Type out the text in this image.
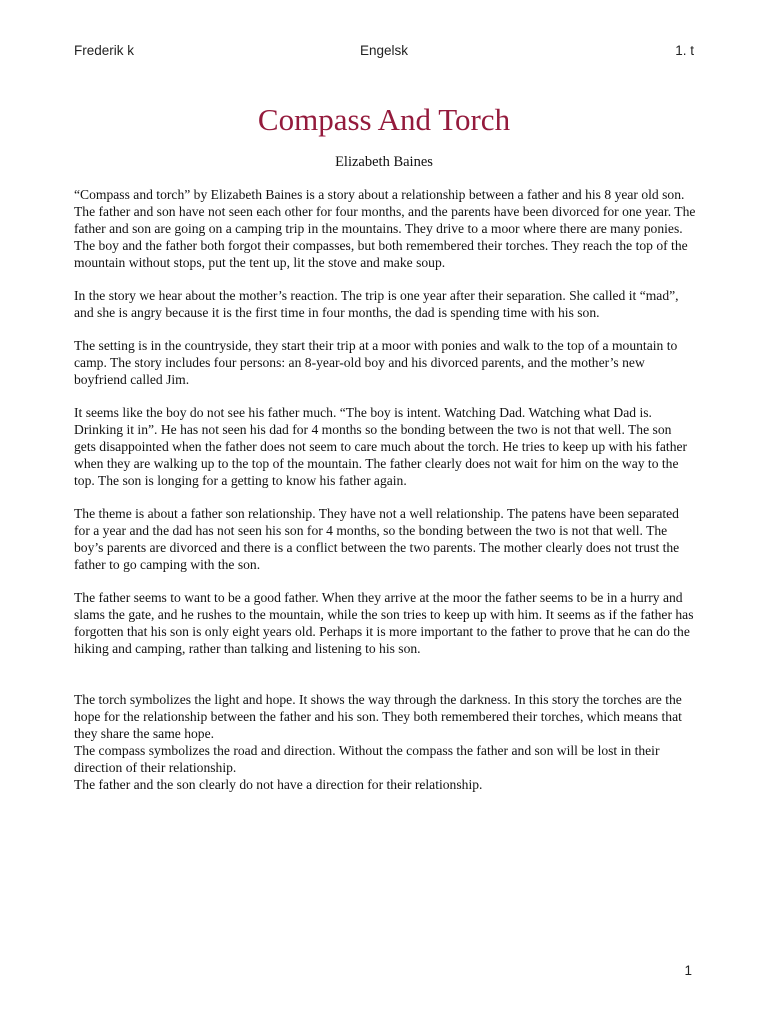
Engelsk
Frederik k	1. t
Compass And Torch
Elizabeth Baines

“Compass and torch” by Elizabeth Baines is a story about a relationship between a father and his 8 year old son. The father and son have not seen each other for four months, and the parents have been divorced for one year. The father and son are going on a camping trip in the mountains. They drive to a moor where there are many ponies. The boy and the father both forgot their compasses, but both remembered their torches. They reach the top of the mountain without stops, put the tent up, lit the stove and make soup.

In the story we hear about the mother’s reaction. The trip is one year after their separation. She called it “mad”, and she is angry because it is the first time in four months, the dad is spending time with his son.

The setting is in the countryside, they start their trip at a moor with ponies and walk to the top of a mountain to camp. The story includes four persons: an 8-year-old boy and his divorced parents, and the mother’s new boyfriend called Jim.

It seems like the boy do not see his father much. “The boy is intent. Watching Dad. Watching what Dad is. Drinking it in”. He has not seen his dad for 4 months so the bonding between the two is not that well. The son gets disappointed when the father does not seem to care much about the torch. He tries to keep up with his father when they are walking up to the top of the mountain. The father clearly does not wait for him on the way to the top. The son is longing for a getting to know his father again.

The theme is about a father son relationship. They have not a well relationship. The patens have been separated for a year and the dad has not seen his son for 4 months, so the bonding between the two is not that well. The boy’s parents are divorced and there is a conflict between the two parents. The mother clearly does not trust the father to go camping with the son.

The father seems to want to be a good father. When they arrive at the moor the father seems to be in a hurry and slams the gate, and he rushes to the mountain, while the son tries to keep up with him. It seems as if the father has forgotten that his son is only eight years old. Perhaps it is more important to the father to prove that he can do the hiking and camping, rather than talking and listening to his son.

The torch symbolizes the light and hope. It shows the way through the darkness. In this story the torches are the hope for the relationship between the father and his son. They both remembered their torches, which means that they share the same hope.

The compass symbolizes the road and direction. Without the compass the father and son will be lost in their direction of their relationship.

The father and the son clearly do not have a direction for their relationship.

1
